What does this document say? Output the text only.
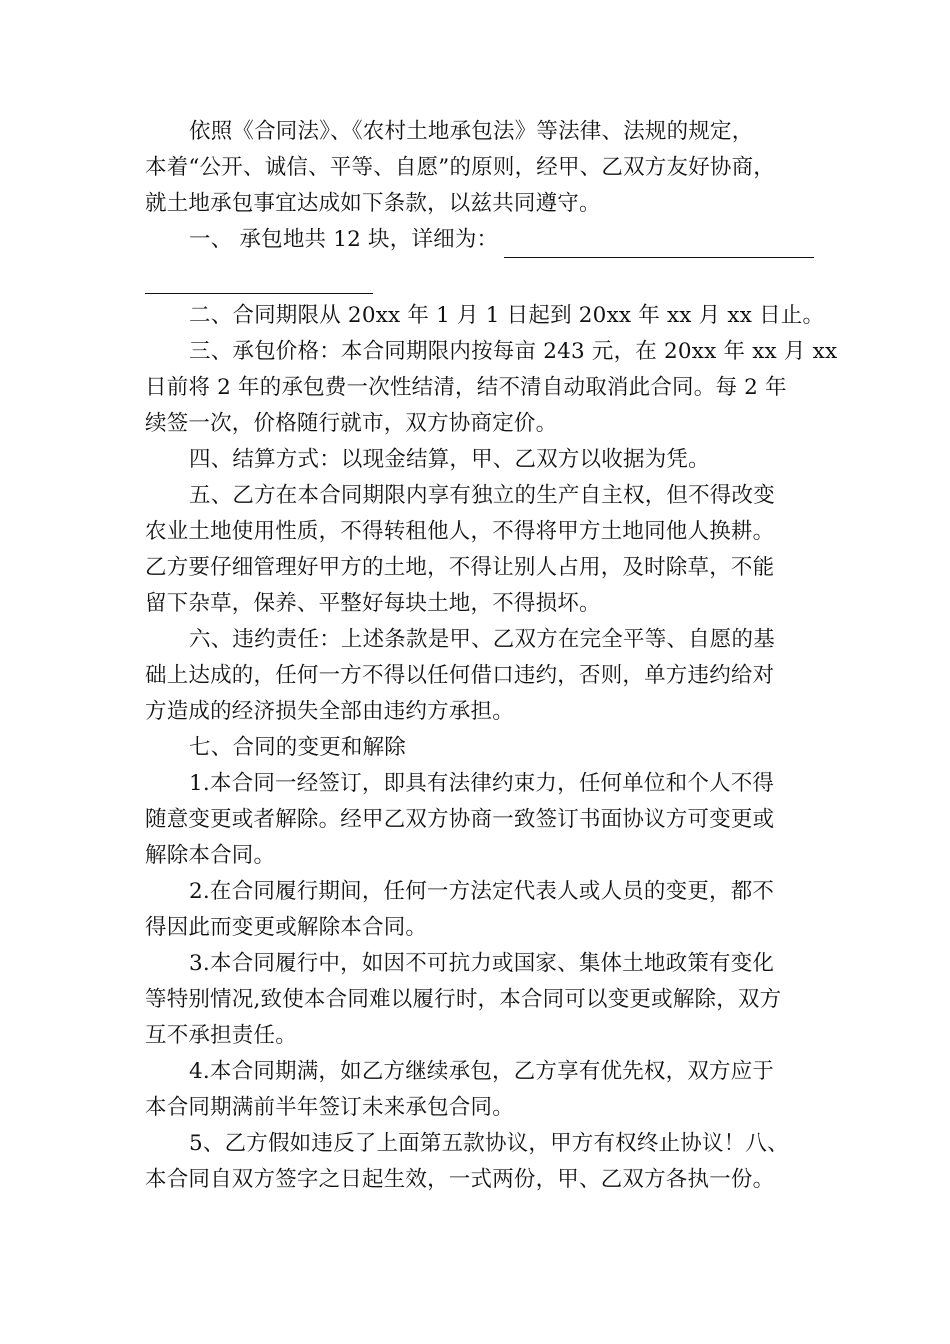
依照《合同法》、《农村土地承包法》等法律、法规的规定，
本着“公开、诚信、平等、自愿”的原则，经甲、乙双方友好协商，
就土地承包事宜达成如下条款，以兹共同遵守。
一、 承包地共 12 块，详细为：
二、合同期限从 20xx 年 1 月 1 日起到 20xx 年 xx 月 xx 日止。
三、承包价格：本合同期限内按每亩 243 元，在 20xx 年 xx 月 xx
日前将 2 年的承包费一次性结清，结不清自动取消此合同。每 2 年
续签一次，价格随行就市，双方协商定价。
四、结算方式：以现金结算，甲、乙双方以收据为凭。
五、乙方在本合同期限内享有独立的生产自主权，但不得改变
农业土地使用性质，不得转租他人，不得将甲方土地同他人换耕。
乙方要仔细管理好甲方的土地，不得让别人占用，及时除草，不能
留下杂草，保养、平整好每块土地，不得损坏。
六、违约责任：上述条款是甲、乙双方在完全平等、自愿的基
础上达成的，任何一方不得以任何借口违约，否则，单方违约给对
方造成的经济损失全部由违约方承担。
七、合同的变更和解除
1.本合同一经签订，即具有法律约束力，任何单位和个人不得
随意变更或者解除。经甲乙双方协商一致签订书面协议方可变更或
解除本合同。
2.在合同履行期间，任何一方法定代表人或人员的变更，都不
得因此而变更或解除本合同。
3.本合同履行中，如因不可抗力或国家、集体土地政策有变化
等特别情况,致使本合同难以履行时，本合同可以变更或解除，双方
互不承担责任。
4.本合同期满，如乙方继续承包，乙方享有优先权，双方应于
本合同期满前半年签订未来承包合同。
5、乙方假如违反了上面第五款协议，甲方有权终止协议！八、
本合同自双方签字之日起生效，一式两份，甲、乙双方各执一份。
